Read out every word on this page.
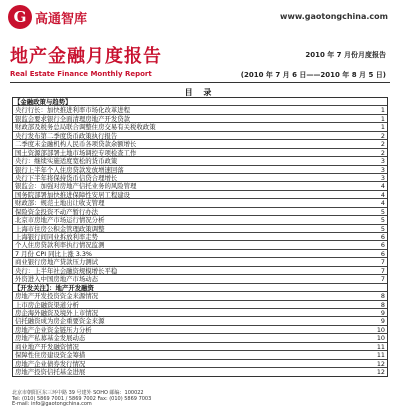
G 高通智库	www.gaotongchina.com
地产金融月度报告	2010 年 7 月份月度报告
Real Estate Finance Monthly Report	(2010 年 7 月 6 日——2010 年 8 月 5 日)
目 录
【金融政策与趋势】
央行行长：加快推进利率市场化改革进程	1
银监会要求银行全面清理房地产开发贷款	1
财政部及税务总局联合调整住房交易有关税收政策	1
央行发布第二季度货币政策执行报告	2
二季度末金融机构人民币各项贷款余额增长	2
国土资源部部署土地市场调控专项检查工作	2
央行：继续实施适度宽松的货币政策	3
银行上半年个人住房贷款发放增速回落	3
央行下半年将保持货币信贷合理增长	3
银监会：加强对房地产信托业务的风险管理	4
国务院部署加快推进保障性安居工程建设	4
财政部：规范土地出让收支管理	4
保险资金投资不动产暂行办法	5
北京市房地产市场运行情况分析	5
上海市住房公积金管理政策调整	5
上海银行间同业拆放利率走势	6
个人住房贷款利率执行情况监测	6
7 月份 CPI 同比上涨 3.3%	6
商业银行房地产贷款压力测试	7
央行：上半年社会融资规模增长平稳	7
外资进入中国房地产市场动态	7
【开发关注】：地产开发融资
房地产开发投资资金来源情况	8
上市房企融资渠道分析	8
房企海外融资及境外上市情况	9
信托融资成为房企重要资金来源	9
房地产企业资金链压力分析	10
房地产私募基金发展动态	10
商业地产开发融资情况	11
保障性住房建设资金筹措	11
房地产企业债券发行情况	12
房地产投资信托基金进展	12
北京市朝阳区东三环中路 39 号建外 SOHO 邮编：100022
Tel: (010) 5869 7001 / 5869 7002 Fax: (010) 5869 7003
E-mail: info@gaotongchina.com
